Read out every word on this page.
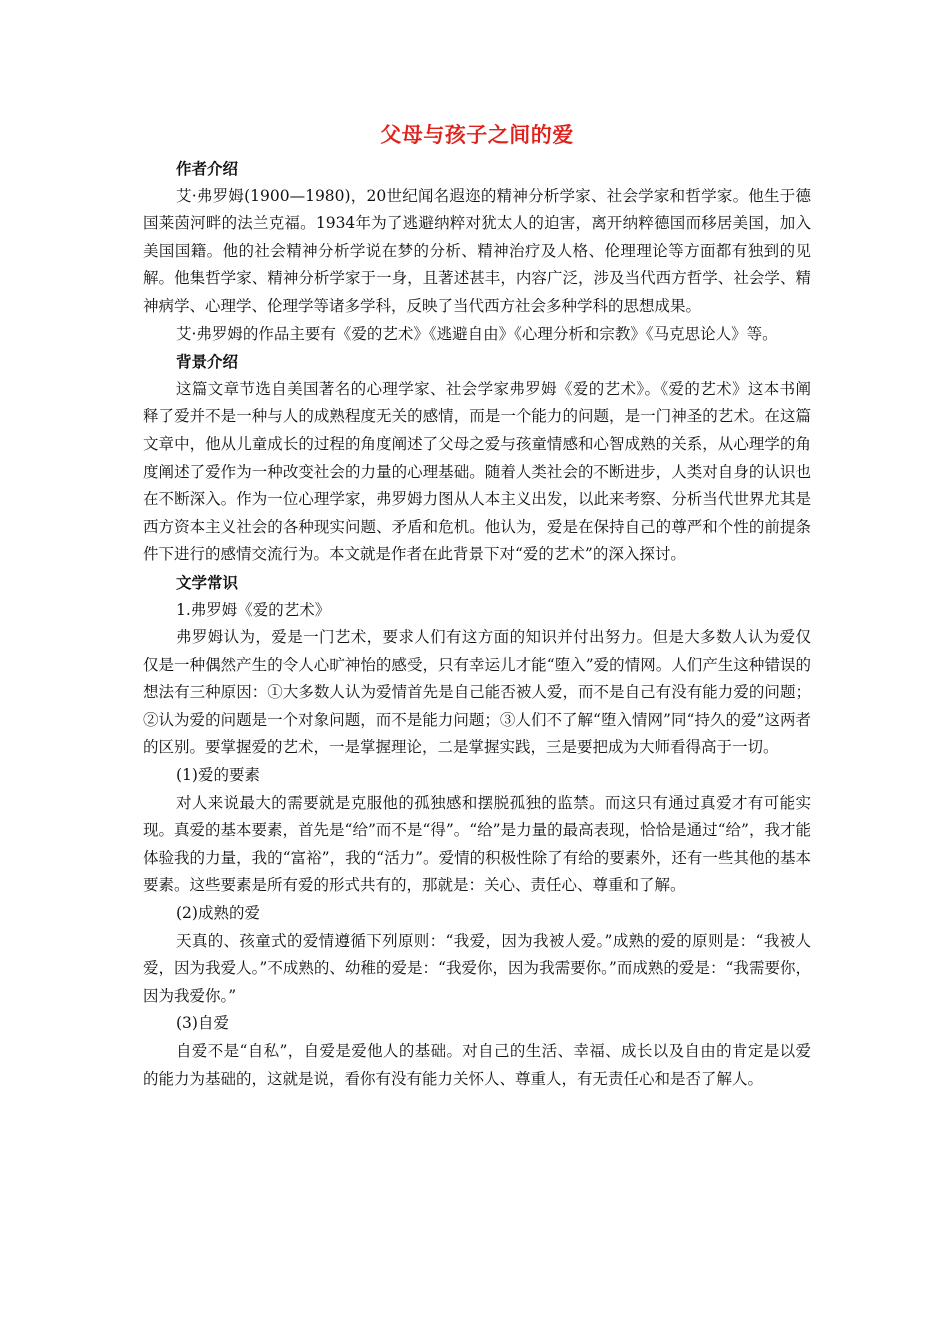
父母与孩子之间的爱
作者介绍

艾·弗罗姆(1900—1980)，20世纪闻名遐迩的精神分析学家、社会学家和哲学家。他生于德国莱茵河畔的法兰克福。1934年为了逃避纳粹对犹太人的迫害，离开纳粹德国而移居美国，加入美国国籍。他的社会精神分析学说在梦的分析、精神治疗及人格、伦理理论等方面都有独到的见解。他集哲学家、精神分析学家于一身，且著述甚丰，内容广泛，涉及当代西方哲学、社会学、精神病学、心理学、伦理学等诸多学科，反映了当代西方社会多种学科的思想成果。

艾·弗罗姆的作品主要有《爱的艺术》《逃避自由》《心理分析和宗教》《马克思论人》等。

背景介绍

这篇文章节选自美国著名的心理学家、社会学家弗罗姆《爱的艺术》。《爱的艺术》这本书阐释了爱并不是一种与人的成熟程度无关的感情，而是一个能力的问题，是一门神圣的艺术。在这篇文章中，他从儿童成长的过程的角度阐述了父母之爱与孩童情感和心智成熟的关系，从心理学的角度阐述了爱作为一种改变社会的力量的心理基础。随着人类社会的不断进步，人类对自身的认识也在不断深入。作为一位心理学家，弗罗姆力图从人本主义出发，以此来考察、分析当代世界尤其是西方资本主义社会的各种现实问题、矛盾和危机。他认为，爱是在保持自己的尊严和个性的前提条件下进行的感情交流行为。本文就是作者在此背景下对“爱的艺术”的深入探讨。

文学常识

1.弗罗姆《爱的艺术》

弗罗姆认为，爱是一门艺术，要求人们有这方面的知识并付出努力。但是大多数人认为爱仅仅是一种偶然产生的令人心旷神怡的感受，只有幸运儿才能“堕入”爱的情网。人们产生这种错误的想法有三种原因：①大多数人认为爱情首先是自己能否被人爱，而不是自己有没有能力爱的问题；②认为爱的问题是一个对象问题，而不是能力问题；③人们不了解“堕入情网”同“持久的爱”这两者的区别。要掌握爱的艺术，一是掌握理论，二是掌握实践，三是要把成为大师看得高于一切。

(1)爱的要素

对人来说最大的需要就是克服他的孤独感和摆脱孤独的监禁。而这只有通过真爱才有可能实现。真爱的基本要素，首先是“给”而不是“得”。“给”是力量的最高表现，恰恰是通过“给”，我才能体验我的力量，我的“富裕”，我的“活力”。爱情的积极性除了有给的要素外，还有一些其他的基本要素。这些要素是所有爱的形式共有的，那就是：关心、责任心、尊重和了解。

(2)成熟的爱

天真的、孩童式的爱情遵循下列原则：“我爱，因为我被人爱。”成熟的爱的原则是：“我被人爱，因为我爱人。”不成熟的、幼稚的爱是：“我爱你，因为我需要你。”而成熟的爱是：“我需要你，因为我爱你。”

(3)自爱

自爱不是“自私”，自爱是爱他人的基础。对自己的生活、幸福、成长以及自由的肯定是以爱的能力为基础的，这就是说，看你有没有能力关怀人、尊重人，有无责任心和是否了解人。
